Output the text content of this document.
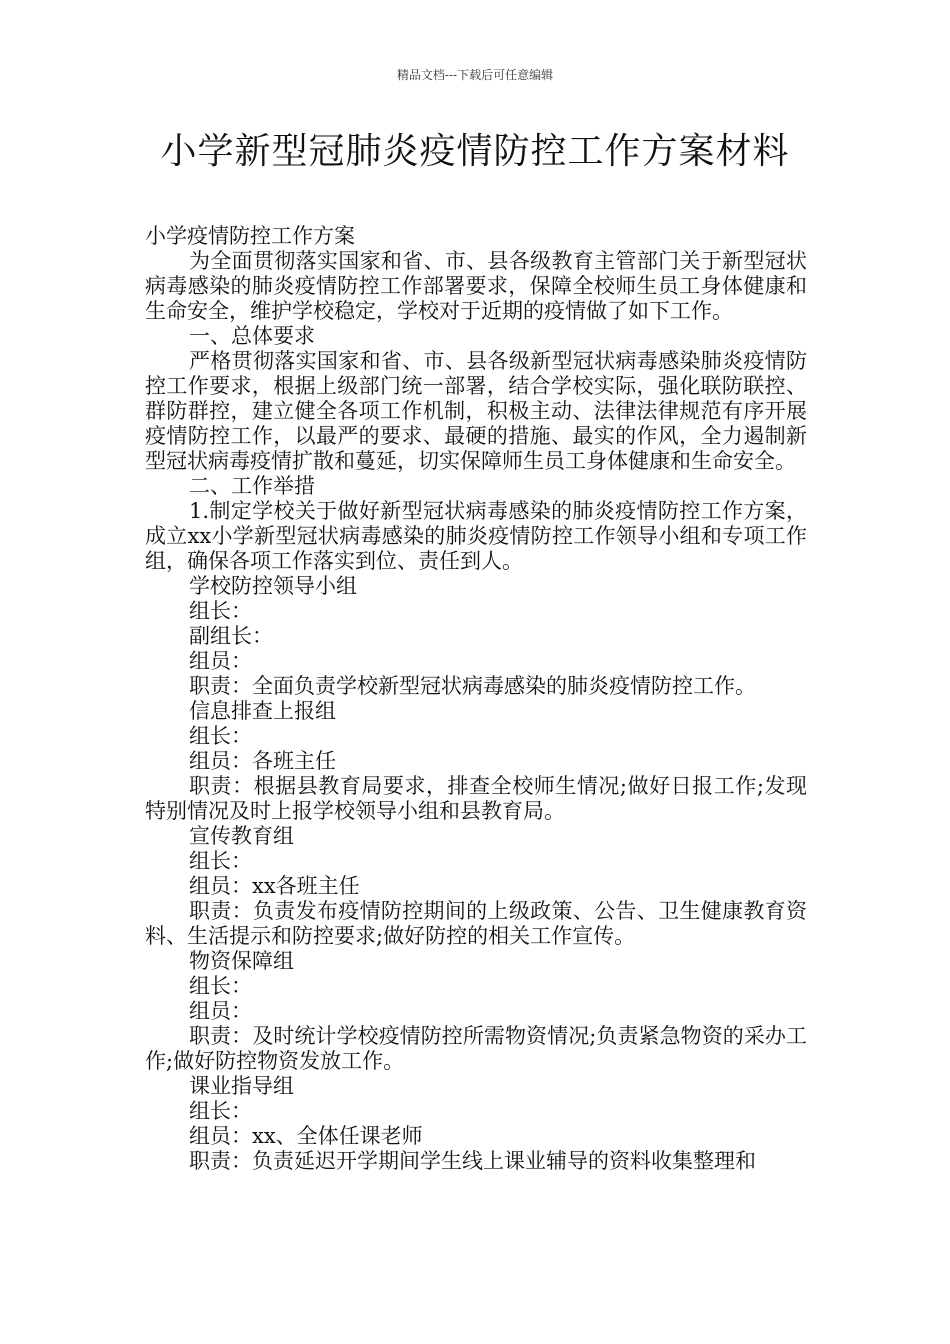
精品文档---下载后可任意编辑
小学新型冠肺炎疫情防控工作方案材料

小学疫情防控工作方案

为全面贯彻落实国家和省、市、县各级教育主管部门关于新型冠状病毒感染的肺炎疫情防控工作部署要求，保障全校师生员工身体健康和生命安全，维护学校稳定，学校对于近期的疫情做了如下工作。

一、总体要求

严格贯彻落实国家和省、市、县各级新型冠状病毒感染肺炎疫情防控工作要求，根据上级部门统一部署，结合学校实际，强化联防联控、群防群控，建立健全各项工作机制，积极主动、法律法律规范有序开展疫情防控工作，以最严的要求、最硬的措施、最实的作风，全力遏制新型冠状病毒疫情扩散和蔓延，切实保障师生员工身体健康和生命安全。

二、工作举措

1.制定学校关于做好新型冠状病毒感染的肺炎疫情防控工作方案，成立xx小学新型冠状病毒感染的肺炎疫情防控工作领导小组和专项工作组，确保各项工作落实到位、责任到人。

学校防控领导小组

组长：

副组长：

组员：

职责：全面负责学校新型冠状病毒感染的肺炎疫情防控工作。

信息排查上报组

组长：

组员：各班主任

职责：根据县教育局要求，排查全校师生情况;做好日报工作;发现特别情况及时上报学校领导小组和县教育局。

宣传教育组

组长：

组员：xx各班主任

职责：负责发布疫情防控期间的上级政策、公告、卫生健康教育资料、生活提示和防控要求;做好防控的相关工作宣传。

物资保障组

组长：

组员：

职责：及时统计学校疫情防控所需物资情况;负责紧急物资的采办工作;做好防控物资发放工作。

课业指导组

组长：

组员：xx、全体任课老师

职责：负责延迟开学期间学生线上课业辅导的资料收集整理和
